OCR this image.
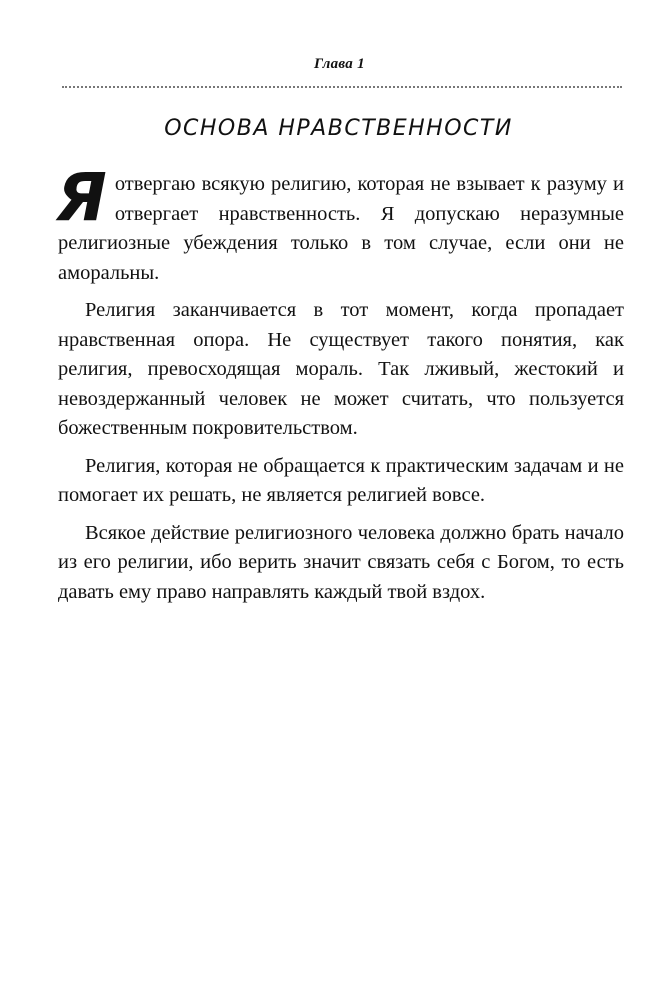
Глава 1
ОСНОВА НРАВСТВЕННОСТИ

Я отвергаю всякую религию, которая не взывает к разуму и отвергает нравственность. Я допускаю неразумные религиозные убеждения только в том случае, если они не аморальны.

Религия заканчивается в тот момент, когда пропадает нравственная опора. Не существует такого понятия, как религия, превосходящая мораль. Так лживый, жестокий и невоздержанный человек не может считать, что пользуется божественным покровительством.

Религия, которая не обращается к практическим задачам и не помогает их решать, не является религией вовсе.

Всякое действие религиозного человека должно брать начало из его религии, ибо верить значит связать себя с Богом, то есть давать ему право направлять каждый твой вздох.
